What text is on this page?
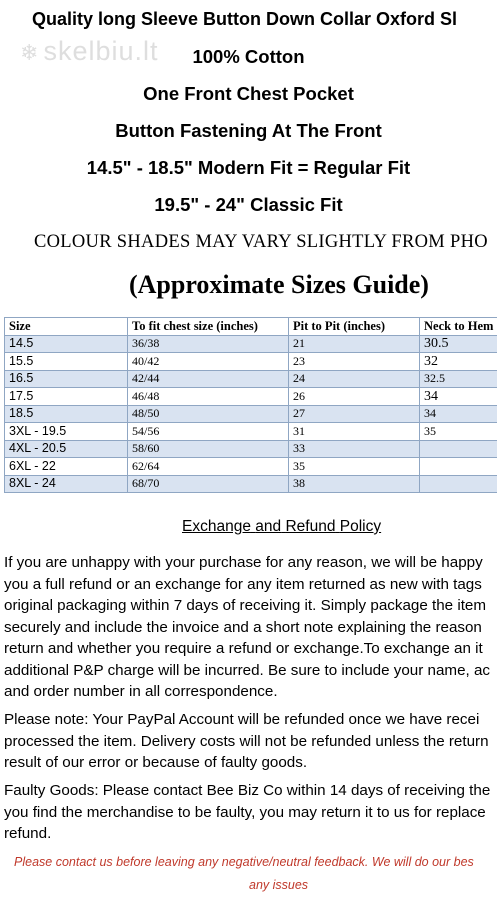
Quality long Sleeve Button Down Collar Oxford Sl
❄ skelbiu.lt	100% Cotton
One Front Chest Pocket
Button Fastening At The Front
14.5" - 18.5" Modern Fit = Regular Fit
19.5" - 24" Classic Fit
COLOUR SHADES MAY VARY SLIGHTLY FROM PHO
(Approximate Sizes Guide)
Size	To fit chest size (inches)	Pit to Pit (inches)	Neck to Hem
14.5	36/38	21	30.5
15.5	40/42	23	32
16.5	42/44	24	32.5
17.5	46/48	26	34
18.5	48/50	27	34
3XL - 19.5	54/56	31	35
4XL - 20.5	58/60	33	
6XL - 22	62/64	35	
8XL - 24	68/70	38	
Exchange and Refund Policy
If you are unhappy with your purchase for any reason, we will be happy
you a full refund or an exchange for any item returned as new with tags
original packaging within 7 days of receiving it. Simply package the item
securely and include the invoice and a short note explaining the reason
return and whether you require a refund or exchange.To exchange an it
additional P&P charge will be incurred. Be sure to include your name, ac
and order number in all correspondence.
Please note: Your PayPal Account will be refunded once we have recei
processed the item. Delivery costs will not be refunded unless the return
result of our error or because of faulty goods.
Faulty Goods: Please contact Bee Biz Co within 14 days of receiving the
you find the merchandise to be faulty, you may return it to us for replace
refund.
Please contact us before leaving any negative/neutral feedback. We will do our bes
any issues
